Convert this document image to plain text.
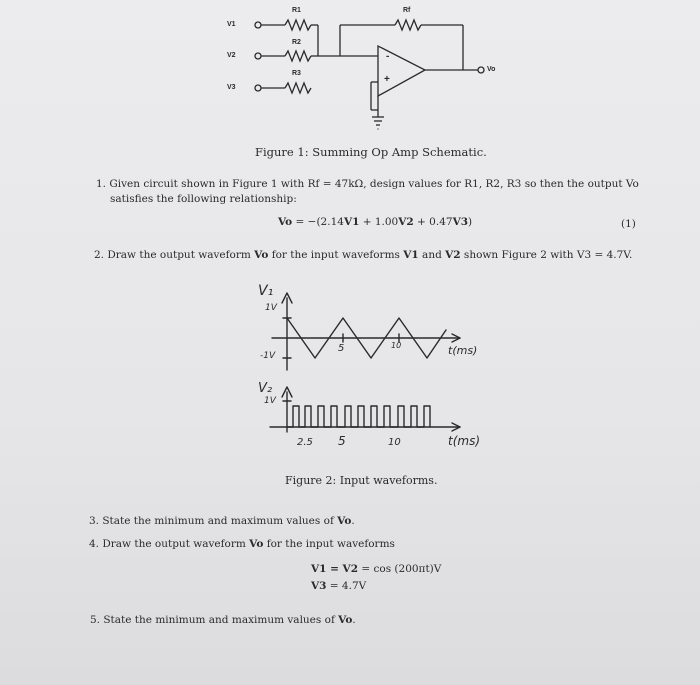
V1
V2
V3
R1
R2
R3
Rf
-
+
Vo
Figure 1: Summing Op Amp Schematic.
1. Given circuit shown in Figure 1 with Rf = 47kΩ, design values for R1, R2, R3 so then the output Vo
satisfies the following relationship:
Vo = −(2.14V1 + 1.00V2 + 0.47V3)	(1)
2. Draw the output waveform Vo for the input waveforms V1 and V2 shown Figure 2 with V3 = 4.7V.
V₁
1V
-1V
5	10	t(ms)
V₂
1V
2.5 5	10	t(ms)
Figure 2: Input waveforms.
3. State the minimum and maximum values of Vo.
4. Draw the output waveform Vo for the input waveforms
V1 = V2 = cos (200πt)V
V3 = 4.7V
5. State the minimum and maximum values of Vo.
